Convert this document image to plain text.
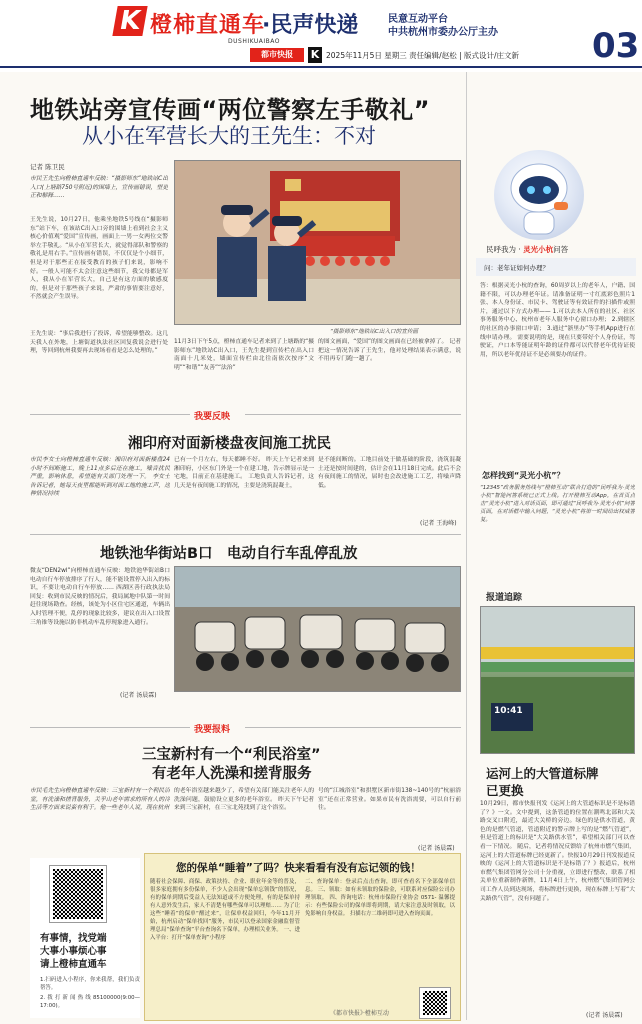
K 橙柿直通车
·民声快递	民意互动平台
中共杭州市委办公厅主办
DUSHIKUAIBAO
都市快报	K 2025年11月5日 星期三 责任编辑/赵松 | 版式设计/庄文新 03
地铁站旁宣传画“两位警察左手敬礼”
从小在军营长大的王先生：不对
记者 陈卫民
市民王先生向橙柿直通车反映：“摄影师东”地铁站C出入口(上塘路750号附近)的围墙上，宣传画错误，望更正和解释……
王先生说，10月27日，他乘坐地铁5号线在“摄影师东”站下车，在该站C出入口旁的围墙上看到社会主义核心价值观“爱国”宣传画，画面上一男一女两位交警举左手敬礼。“从小在军营长大，就觉得部队和警察的敬礼是用右手。”宣传画有错误，不仅仅是个小细节，但是对于那些正在接受教育的孩子们来说，影响不好。一般人可能不太会注意这些细节，我父母都是军人，我从小在军营长大，自己是有这方面的敏感度的，但是对于那些孩子来说，严肃的事情要注意好，不然就会产生误导。
王先生说：“事后我进行了投诉，希望能够整改。这几天我人在外地，上塘街道执法社区回复我说会进行处理，等回到杭州我要再去现场看看是怎么处理的。”
“摄影师东”地铁站C出入口的宣传画
11月3日下午5点，橙柿直通车记者来到了上塘路的“摄影师东”地铁站C出入口，王先生提到宣传栏在出入口南面十几米处，墙面宣传栏由北往南依次按序“文明”“和谐”“友善”“法治”
的图文画面，“爱国”的图文画面在已经被拿掉了。 记者把这一情况告诉了王先生，他对处理结果表示满意，说不用再专门跑一趟了。
我要反映
湘印府对面新楼盘夜间施工扰民
市民李女士向橙柿直通车反映：湘印府对面新楼盘24小时不间断施工，晚上11点多后还在施工，噪音扰民严重，影响休息，希望能有关部门处理一下。 李女士告诉记者，她每天夜里都能听到对面工地的施工声，这种情况持续
已有一个月左右，每天都睡不好。 昨天上午记者来到湘印府，小区东门外是一个在建工地，告示牌显示是一宅地，目前正在基建施工。 工地负责人告诉记者，这几天是有夜间施工的情况，主要是浇筑混凝土，
是不能间断的。工地目前处于做基础的阶段，浇筑混凝土还是按时间建的，估计会在11月18日完成。此后不会有夜间施工的情况，届时也会改进施工工艺，将噪声降低。
(记者 王海峰)
地铁池华街站B口　电动自行车乱停乱放
微友“DEN2wl”向橙柿直通车反映：地铁池华街站B口电动自行车停放排序了行人，能不能设置停入出入的标识，不要让电动自行车停放…… 西湖区善行政执法局回复：收到市民反映的情况后，我局属地中队第一时间赶往现场勘查。经核，该处为小区住宅区通道，车辆出入时管理不便，乱停的现象比较多，建议在出入口设置三角锥等设施以防非机动车乱停现象进入通行。
(记者 汤晨霖)
我要报料
三宝新村有一个“利民浴室”
有老年人洗澡和搓背服务
市民毛先生向橙柿直通车反映：三宝新村有一个利民浴室，有洗澡和搓背服务，关乎山老年需求的所有人的冷生活等方面来说蛮有利于。他一些老年人说，现在杭州
的老年浴室越来越少了，希望有关部门能关注老年人的洗澡问题，鼓励设立更多的老年浴室。 昨天下午记者来到三宝新村，在三宝北苑找到了这个浴室。
号的“江城浴室”和拱墅区新市街138~140号的“杭丽浴室”还在正常营业。如果市民有洗浴需要，可以自行前往。
(记者 汤晨霖)
有事情，找党端
大事小事烦心事
请上橙柿直通车
1.扫码进入小程序，你来我帮，我们负责帮答。
2.拨打新闻热线85100000(9:00—17:00)。
您的保单“睡着”了吗？快来看看有没有忘记领的钱！
随着社会保障、商保、政策扶持、企业、职业年金等的普及，很多家庭拥有多份保单，不少人会出现“保单忘领钱”的情况，有的保单到期后受益人无法知道或不方便处理，有的是保单持有人意外发生后，家人不清楚有哪些保单可以理赔…… 为了让这些“睡着”的保单“醒过来”，让保单权益回归，今年11月开始，杭州启动“保单找回”服务，市民可以登录国家金融监督管理总局“保单查询”平台查询名下保单，办理相关业务。 一、进入平台：打开“保单查询”小程序
二、查询保单：登录后点击查询，即可查看名下全部保单信息。 三、领取：如有未领取的保险金，可联系对应保险公司办理领取。 四、咨询电话：杭州市保险行业协会 0571- 温馨提示：有些保险公司的保单即将到期，请大家注意及时领取，以免影响自身权益。 扫描右方二维码即可进入查询页面。
《都市快报》·橙柿互动
民呼我为 · 灵光小杭问答
问：老年证如何办理？
答：根据灵光小杭的查询，60周岁以上的老年人，户籍、国籍不限，可以办理老年证。请准备证明一寸红底彩色照片1张、本人身份证、市民卡、驾驶证等有效证件的扫描件或照片，通过以下方式办理—— 1.可以去本人所在的社区、社区事务服务中心、杭州市老年人服务中心窗口办理； 2.到辖区的社区的办事窗口申请； 3.通过“浙里办”等手机App进行在线申请办理。 需要说明的是，现在只要带好个人身份证，驾驶证，户口本等能证明年龄的证件都可以代替老年优待证使用，所以老年优待证不是必须要办的证件。
怎样找到“灵光小杭”？
“12345”政务服务热线与“橙柿互动”联合打造的“民呼我为·灵光小杭”智能问答系统已正式上线。打开橙柿互动App，在首页点击“灵光小杭”进入对话页面，即可通过“民呼我为·灵光小杭”问答页面，在对话框中输入问题，“灵光小杭”将第一时间给出权威答复。
报道追踪
10:41
运河上的大管道标牌
已更换
10月29日，都市快报刊发《运河上的大管道标识是不是标错了？》一文。文中提到，这条管道的位置在潮鸣北部和大关路交叉口附近，最近大关桥的旁边。绿色的是供水管道，黄色的是燃气管道，管道附近的警示牌上写的是“燃气管道”，但是管道上的标识是“大关路供水管”，希望相关部门可以查看一下情况。 随后，记者将情况反馈给了杭州市燃气集团，运河上的大管道标牌已经更新了。快报10月29日刊发报道反映的《运河上的大管道标识是不是标错了？》报道后，杭州市燃气集团管网分公司十分重视，立即进行整改，联系了相关单位重新制作新牌，11月4日上午，杭州燃气集团管网公司工作人员到达现场，将标牌进行更换，现在标牌上写着“大关路供气管”，没有问题了。
(记者 汤晨霖)
